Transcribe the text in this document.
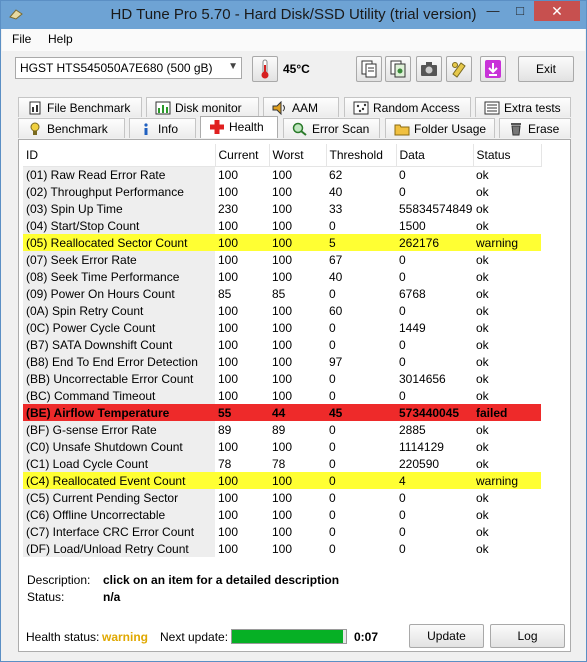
HD Tune Pro 5.70 - Hard Disk/SSD Utility (trial version) —	□	✕
File Help
HGST HTS545050A7E680 (500 gB) ▼	45°C	Exit
File Benchmark	Disk monitor	AAM	Random Access	Extra tests
Benchmark	Info	Health	Error Scan	Folder Usage	Erase
ID	Current	Worst	Threshold	Data	Status
(01) Raw Read Error Rate	100	100	62	0	ok
(02) Throughput Performance	100	100	40	0	ok
(03) Spin Up Time	230	100	33	55834574849	ok
(04) Start/Stop Count	100	100	0	1500	ok
(05) Reallocated Sector Count	100	100	5	262176	warning
(07) Seek Error Rate	100	100	67	0	ok
(08) Seek Time Performance	100	100	40	0	ok
(09) Power On Hours Count	85	85	0	6768	ok
(0A) Spin Retry Count	100	100	60	0	ok
(0C) Power Cycle Count	100	100	0	1449	ok
(B7) SATA Downshift Count	100	100	0	0	ok
(B8) End To End Error Detection	100	100	97	0	ok
(BB) Uncorrectable Error Count	100	100	0	3014656	ok
(BC) Command Timeout	100	100	0	0	ok
(BE) Airflow Temperature	55	44	45	573440045	failed
(BF) G-sense Error Rate	89	89	0	2885	ok
(C0) Unsafe Shutdown Count	100	100	0	1114129	ok
(C1) Load Cycle Count	78	78	0	220590	ok
(C4) Reallocated Event Count	100	100	0	4	warning
(C5) Current Pending Sector	100	100	0	0	ok
(C6) Offline Uncorrectable	100	100	0	0	ok
(C7) Interface CRC Error Count	100	100	0	0	ok
(DF) Load/Unload Retry Count	100	100	0	0	ok
Description:	click on an item for a detailed description
Status:	n/a
Health status: warning Next update:	0:07	Update	Log
